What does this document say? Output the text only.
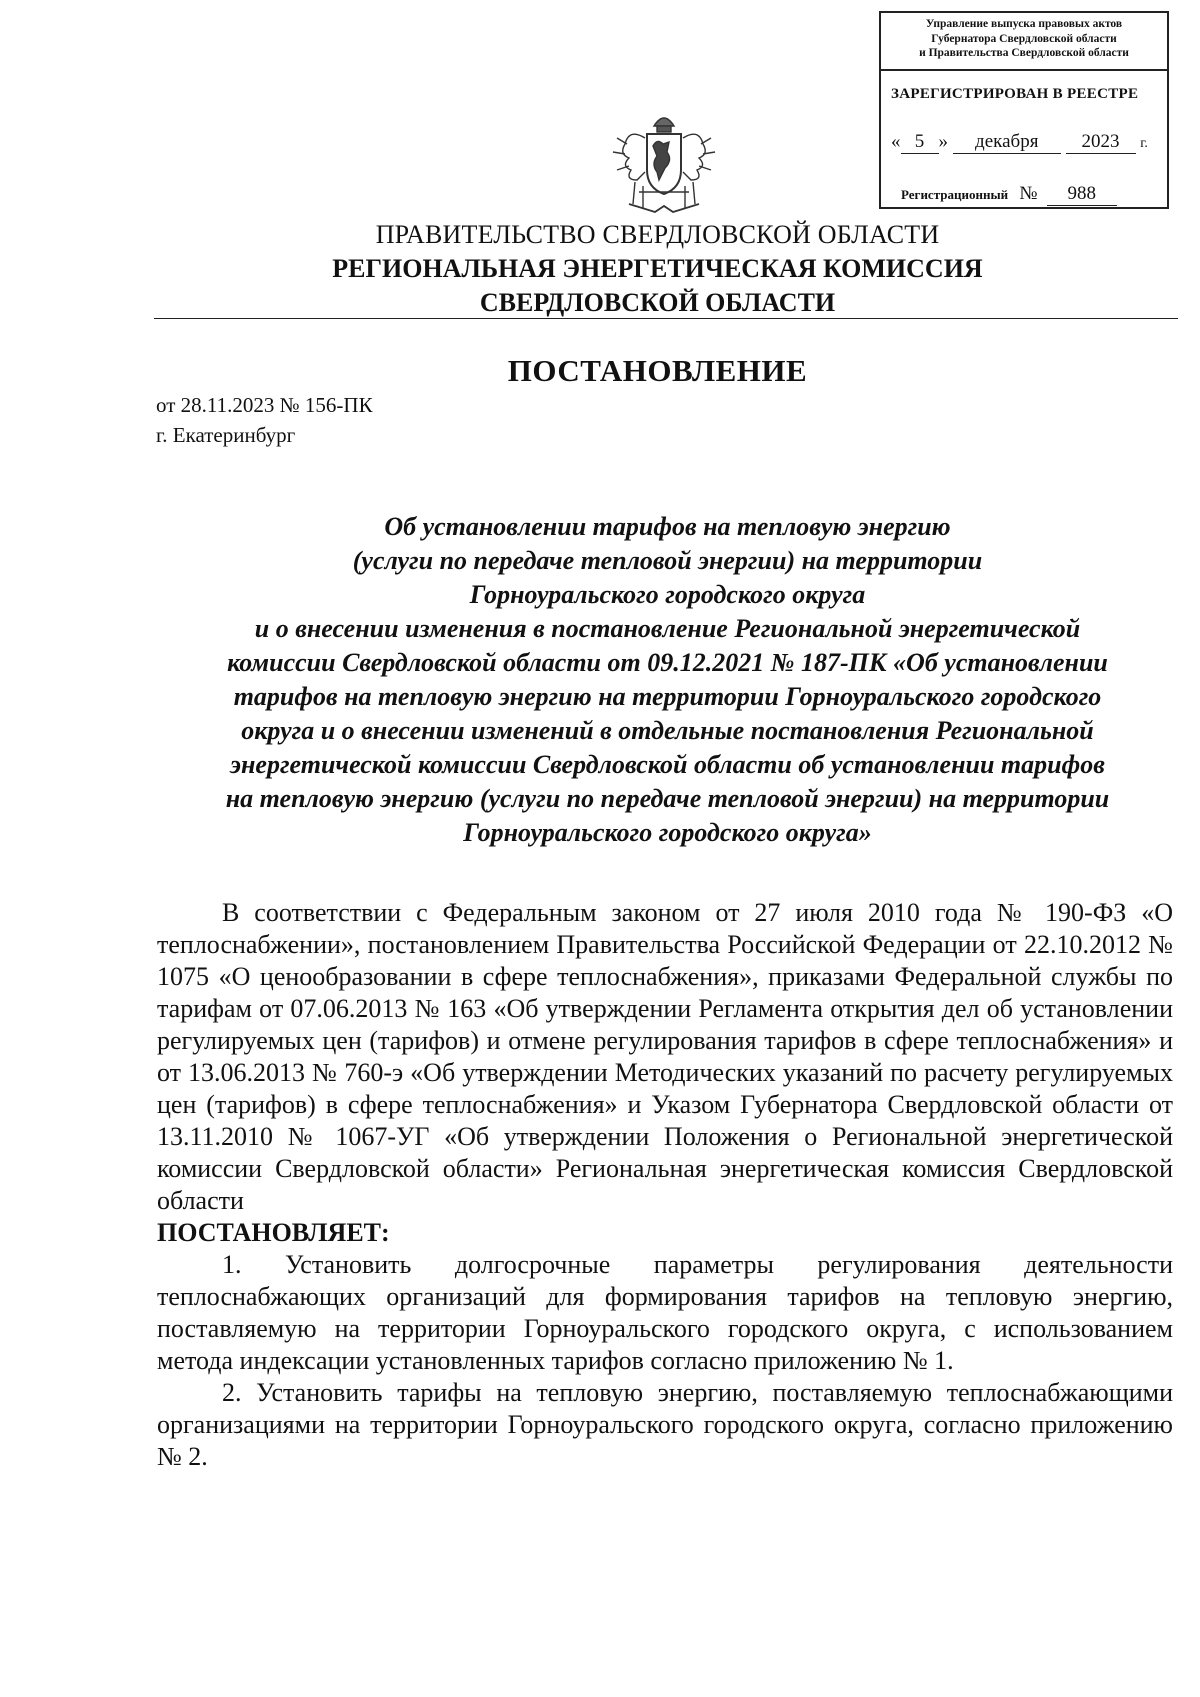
Управление выпуска правовых актов
Губернатора Свердловской области
и Правительства Свердловской области
ЗАРЕГИСТРИРОВАН В РЕЕСТРЕ
« 5 » декабря 2023 г.
Регистрационный № 988
ПРАВИТЕЛЬСТВО СВЕРДЛОВСКОЙ ОБЛАСТИ
РЕГИОНАЛЬНАЯ ЭНЕРГЕТИЧЕСКАЯ КОМИССИЯ
СВЕРДЛОВСКОЙ ОБЛАСТИ
ПОСТАНОВЛЕНИЕ
от 28.11.2023 № 156-ПК
г. Екатеринбург
Об установлении тарифов на тепловую энергию
(услуги по передаче тепловой энергии) на территории
Горноуральского городского округа
и о внесении изменения в постановление Региональной энергетической
комиссии Свердловской области от 09.12.2021 № 187-ПК «Об установлении
тарифов на тепловую энергию на территории Горноуральского городского
округа и о внесении изменений в отдельные постановления Региональной
энергетической комиссии Свердловской области об установлении тарифов
на тепловую энергию (услуги по передаче тепловой энергии) на территории
Горноуральского городского округа»

В соответствии с Федеральным законом от 27 июля 2010 года № 190-ФЗ «О теплоснабжении», постановлением Правительства Российской Федерации от 22.10.2012 № 1075 «О ценообразовании в сфере теплоснабжения», приказами Федеральной службы по тарифам от 07.06.2013 № 163 «Об утверждении Регламента открытия дел об установлении регулируемых цен (тарифов) и отмене регулирования тарифов в сфере теплоснабжения» и от 13.06.2013 № 760-э «Об утверждении Методических указаний по расчету регулируемых цен (тарифов) в сфере теплоснабжения» и Указом Губернатора Свердловской области от 13.11.2010 № 1067-УГ «Об утверждении Положения о Региональной энергетической комиссии Свердловской области» Региональная энергетическая комиссия Свердловской области

ПОСТАНОВЛЯЕТ:

1. Установить долгосрочные параметры регулирования деятельности теплоснабжающих организаций для формирования тарифов на тепловую энергию, поставляемую на территории Горноуральского городского округа, с использованием метода индексации установленных тарифов согласно приложению № 1.

2. Установить тарифы на тепловую энергию, поставляемую теплоснабжающими организациями на территории Горноуральского городского округа, согласно приложению № 2.
